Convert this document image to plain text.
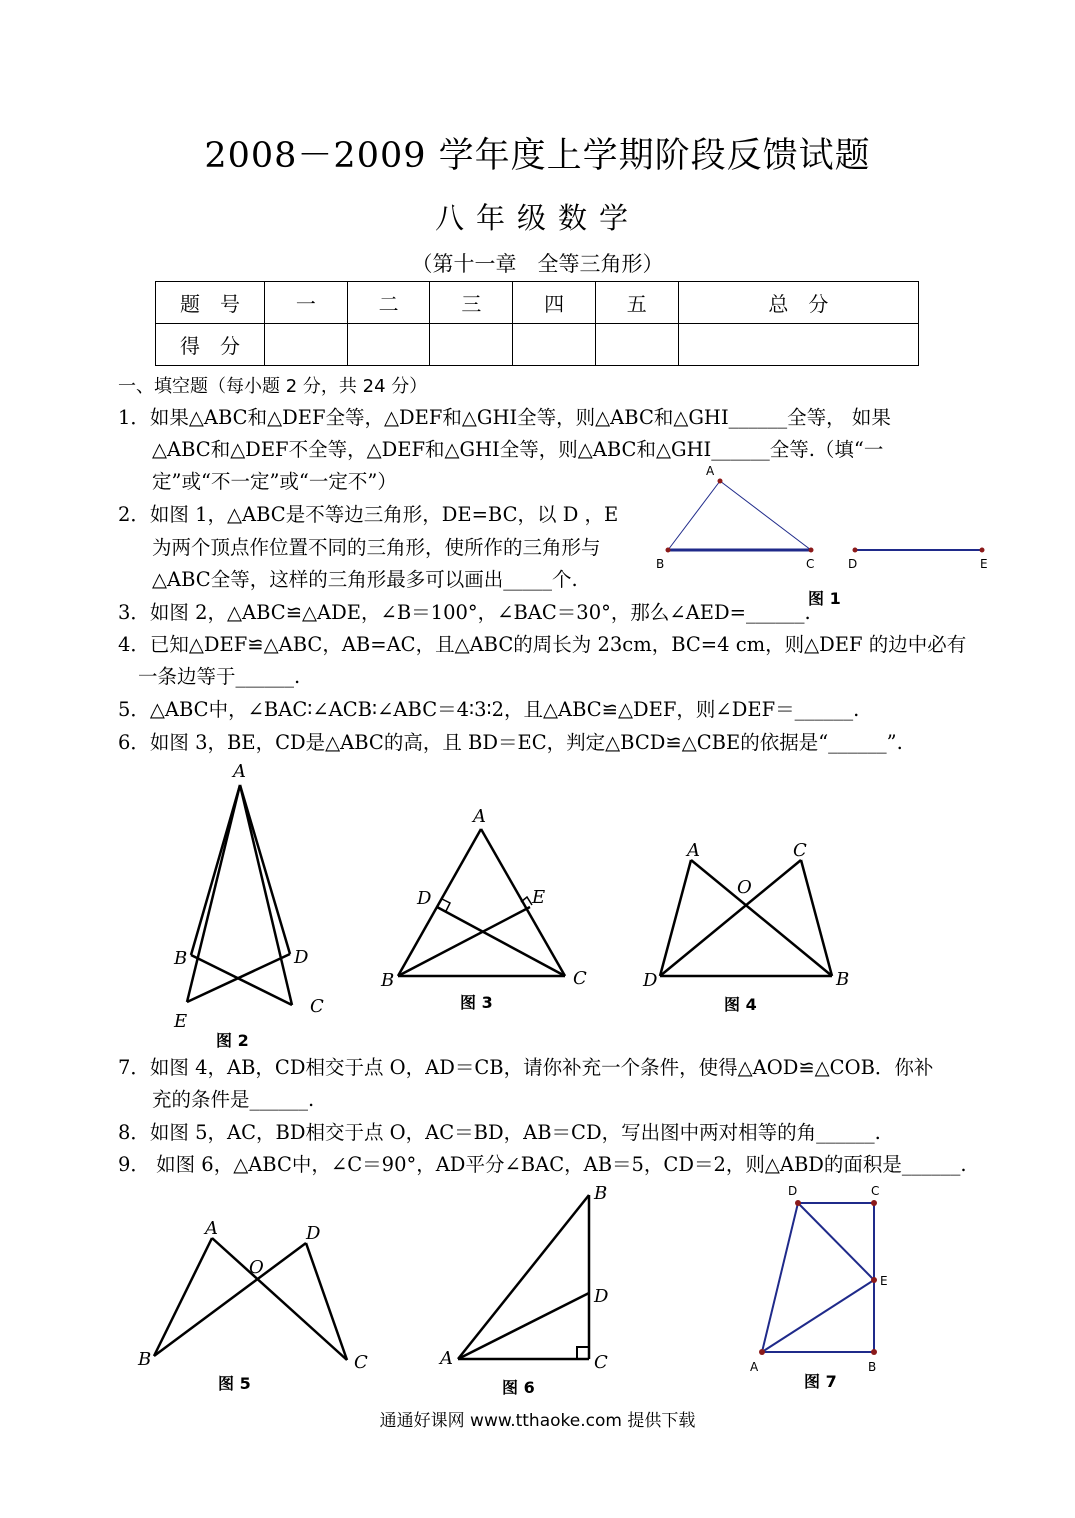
2008－2009 学年度上学期阶段反馈试题
八年级数学
（第十一章　全等三角形）
题　号	一	二	三	四	五	总　分
得　分						
一、填空题（每小题 2 分，共 24 分）
1．如果△ABC和△DEF全等，△DEF和△GHI全等，则△ABC和△GHI______全等， 如果
△ABC和△DEF不全等，△DEF和△GHI全等，则△ABC和△GHI______全等.（填“一
定”或“不一定”或“一定不”）
2．如图 1，△ABC是不等边三角形，DE=BC，以 D ，E
为两个顶点作位置不同的三角形，使所作的三角形与
△ABC全等，这样的三角形最多可以画出_____个.
3．如图 2，△ABC≌△ADE，∠B＝100°，∠BAC＝30°，那么∠AED=______.
4．已知△DEF≌△ABC，AB=AC，且△ABC的周长为 23cm，BC=4 cm，则△DEF 的边中必有
一条边等于______.
5．△ABC中，∠BAC∶∠ACB∶∠ABC＝4∶3∶2，且△ABC≌△DEF，则∠DEF＝______.
6．如图 3，BE，CD是△ABC的高，且 BD＝EC，判定△BCD≌△CBE的依据是“______”.
7．如图 4，AB，CD相交于点 O，AD＝CB，请你补充一个条件，使得△AOD≌△COB．你补
充的条件是______.
8．如图 5，AC，BD相交于点 O，AC＝BD，AB＝CD，写出图中两对相等的角______.
9． 如图 6，△ABC中，∠C＝90°，AD平分∠BAC，AB＝5，CD＝2，则△ABD的面积是______.
A
B	C	D	E
图 1
A
B	D
E
C
图 2
A
D	E
B	C
图 3
A	C
O
D	B
图 4
A	D
O
B	C
图 5
B
D
A	C
图 6
D	C
E
A	B
图 7
通通好课网 www.tthaoke.com 提供下载
